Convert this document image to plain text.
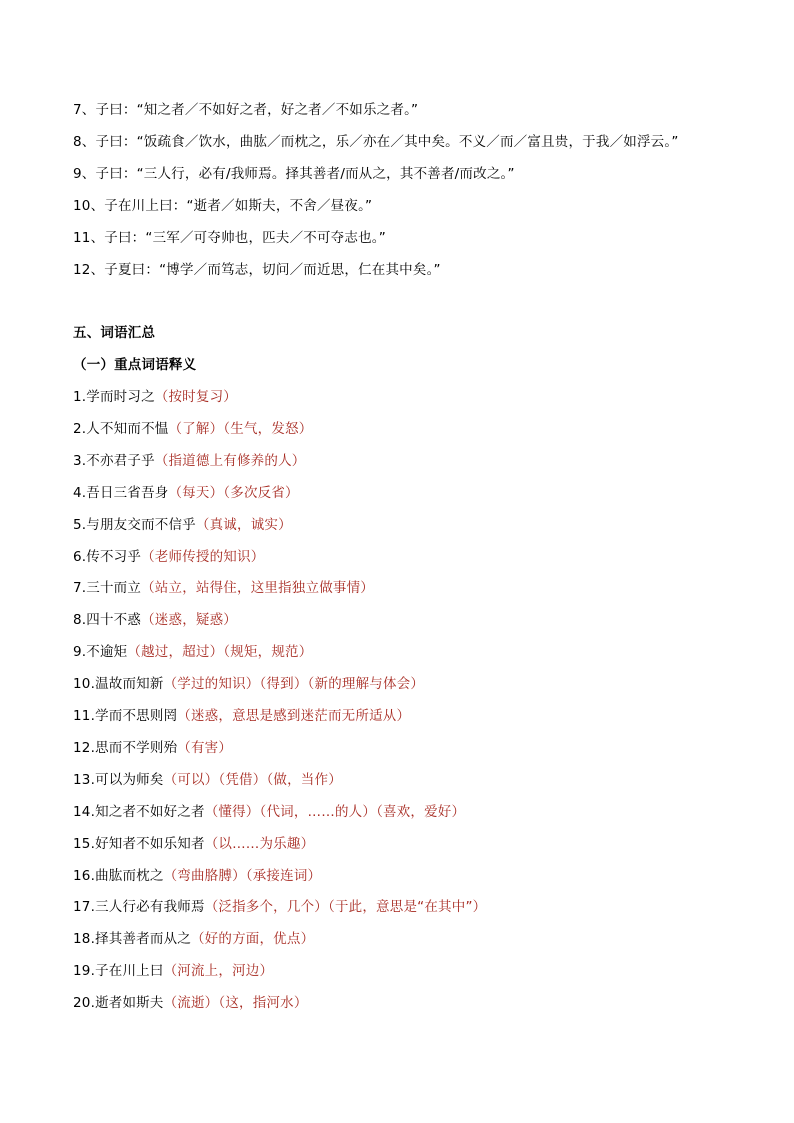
7、子曰：“知之者／不如好之者，好之者／不如乐之者。”
8、子曰：“饭疏食／饮水，曲肱／而枕之，乐／亦在／其中矣。不义／而／富且贵，于我／如浮云。”
9、子曰：“三人行，必有/我师焉。择其善者/而从之，其不善者/而改之。”
10、子在川上曰：“逝者／如斯夫，不舍／昼夜。”
11、子曰：“三军／可夺帅也，匹夫／不可夺志也。”
12、子夏曰：“博学／而笃志，切问／而近思，仁在其中矣。”
五、词语汇总
（一）重点词语释义
1.学而时习之（按时复习）
2.人不知而不愠（了解）（生气，发怒）
3.不亦君子乎（指道德上有修养的人）
4.吾日三省吾身（每天）（多次反省）
5.与朋友交而不信乎（真诚，诚实）
6.传不习乎（老师传授的知识）
7.三十而立（站立，站得住，这里指独立做事情）
8.四十不惑（迷惑，疑惑）
9.不逾矩（越过，超过）（规矩，规范）
10.温故而知新（学过的知识）（得到）（新的理解与体会）
11.学而不思则罔（迷惑，意思是感到迷茫而无所适从）
12.思而不学则殆（有害）
13.可以为师矣（可以）（凭借）（做，当作）
14.知之者不如好之者（懂得）（代词，……的人）（喜欢，爱好）
15.好知者不如乐知者（以……为乐趣）
16.曲肱而枕之（弯曲胳膊）（承接连词）
17.三人行必有我师焉（泛指多个，几个）（于此，意思是“在其中”）
18.择其善者而从之（好的方面，优点）
19.子在川上曰（河流上，河边）
20.逝者如斯夫（流逝）（这，指河水）
